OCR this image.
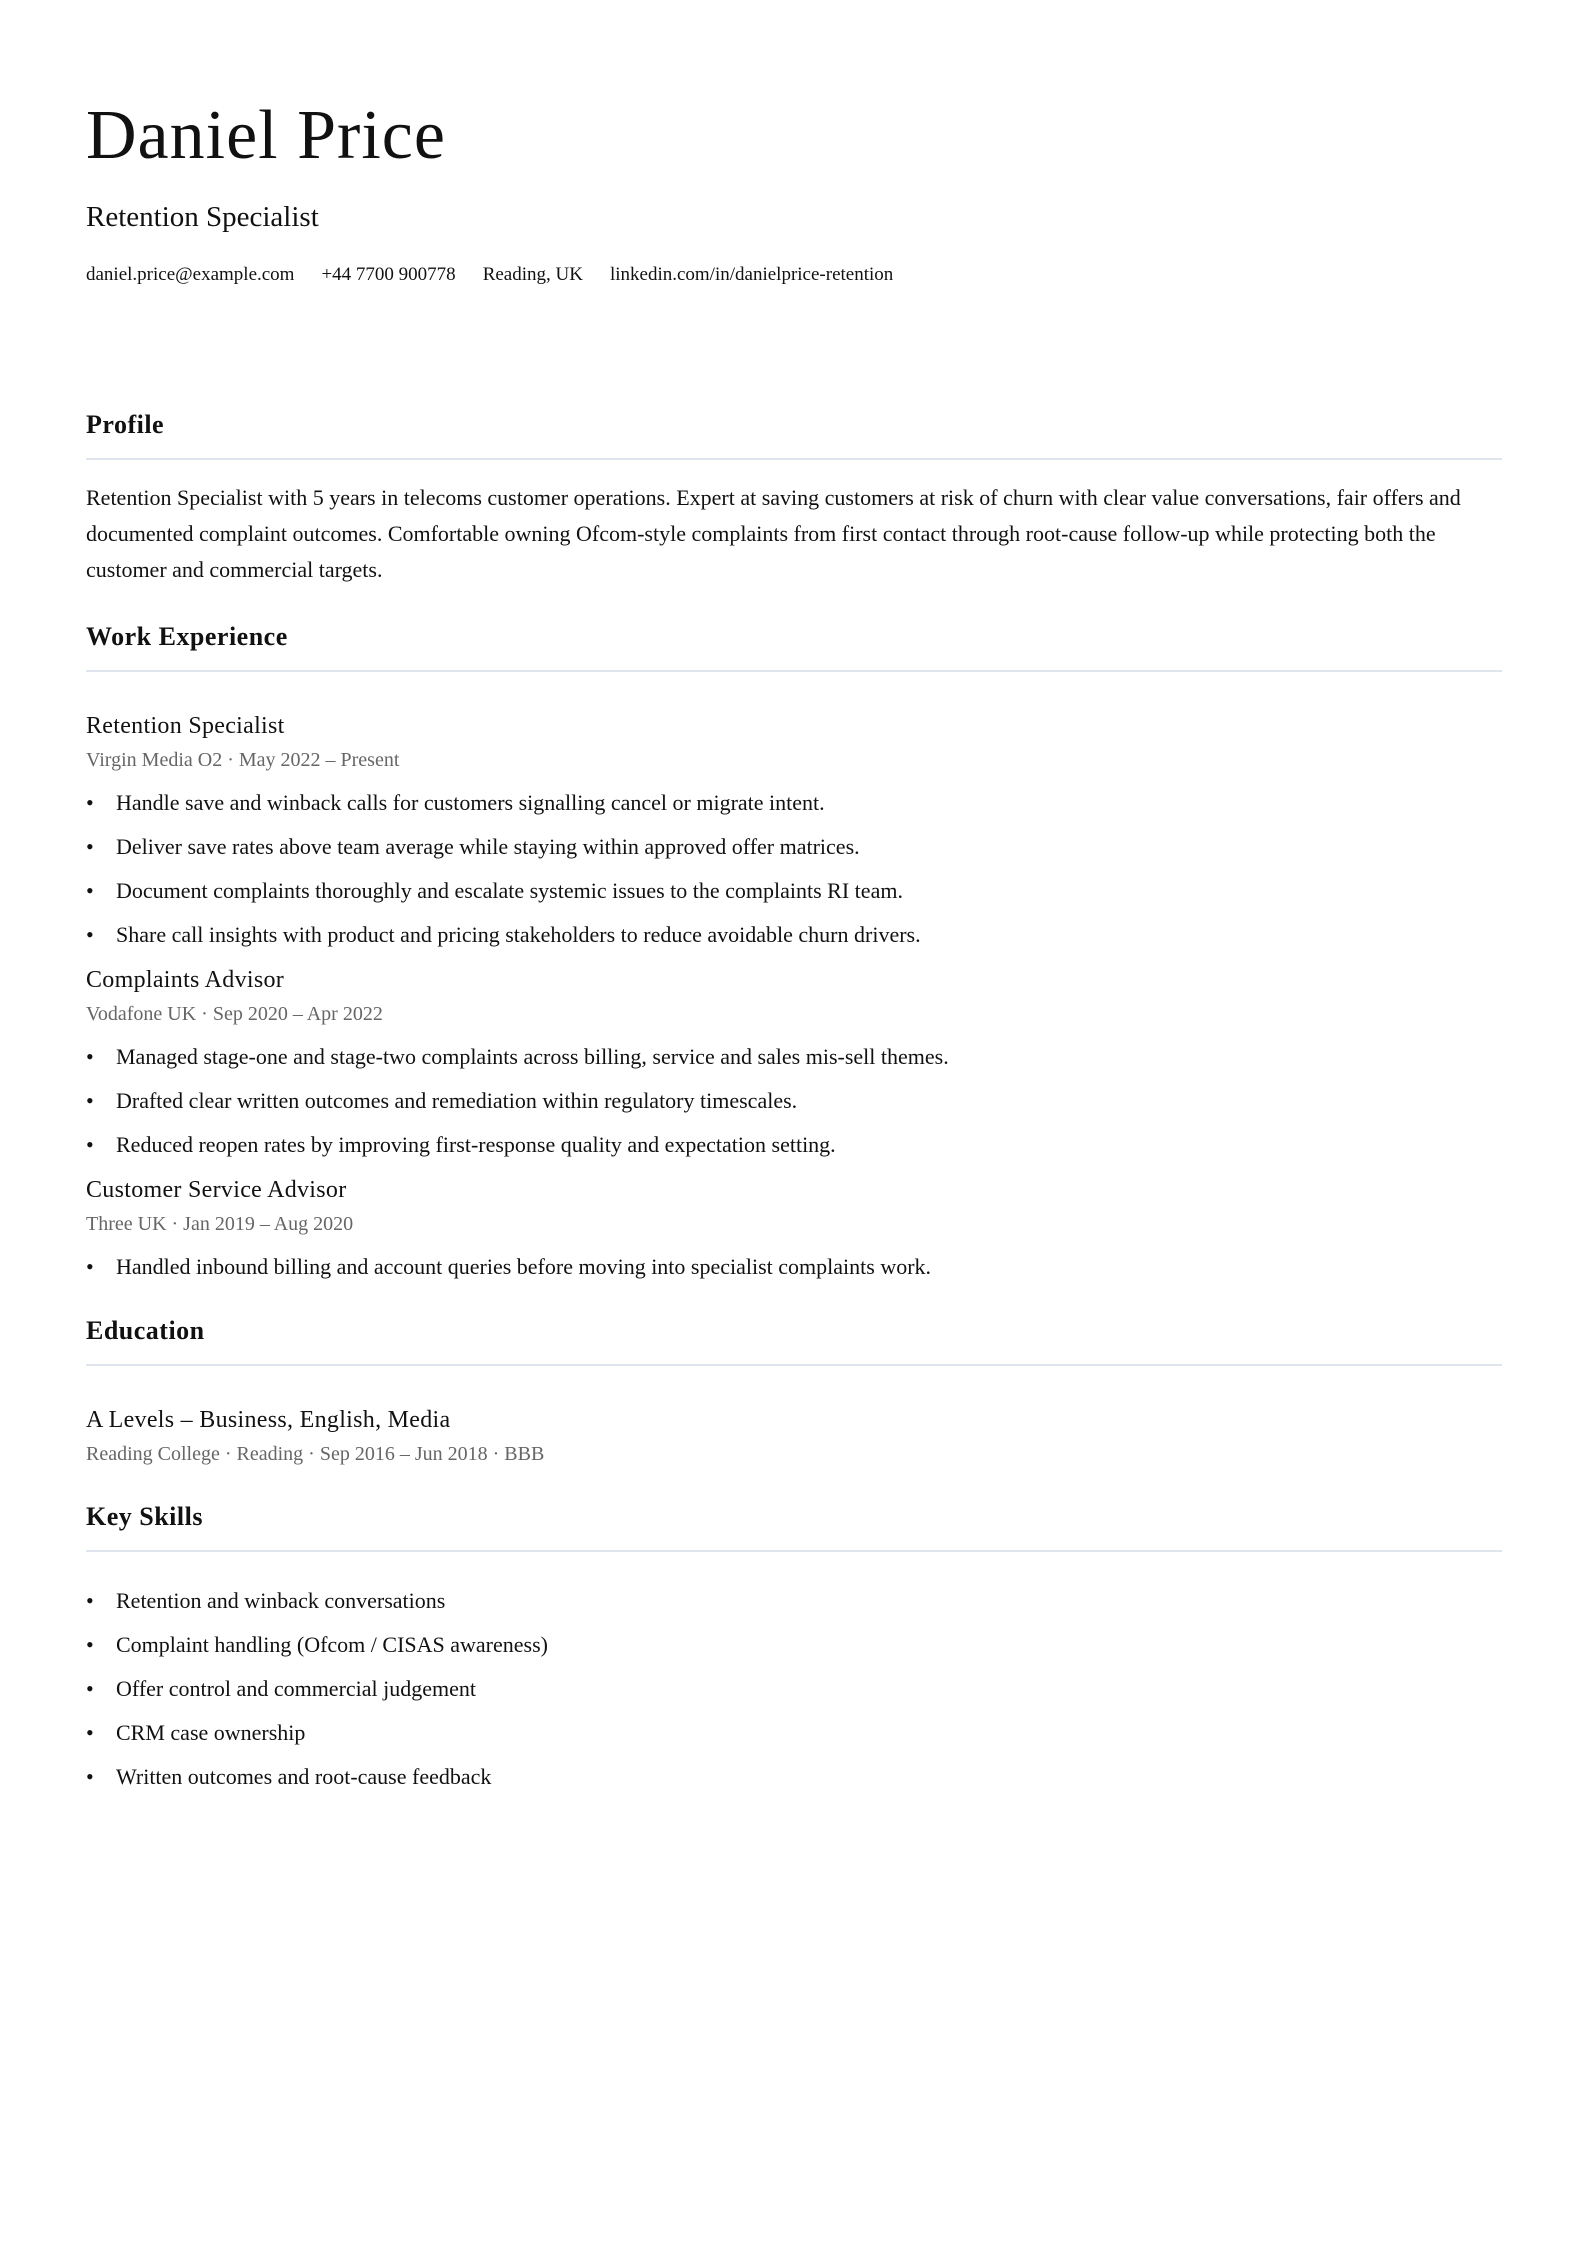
Daniel Price
Retention Specialist
daniel.price@example.com +44 7700 900778 Reading, UK linkedin.com/in/danielprice-retention
Profile

Retention Specialist with 5 years in telecoms customer operations. Expert at saving customers at risk of churn with clear value conversations, fair offers and documented complaint outcomes. Comfortable owning Ofcom-style complaints from first contact through root-cause follow-up while protecting both the customer and commercial targets.

Work Experience
Retention Specialist
Virgin Media O2 · May 2022 – Present
• Handle save and winback calls for customers signalling cancel or migrate intent.
• Deliver save rates above team average while staying within approved offer matrices.
• Document complaints thoroughly and escalate systemic issues to the complaints RI team.
• Share call insights with product and pricing stakeholders to reduce avoidable churn drivers.
Complaints Advisor
Vodafone UK · Sep 2020 – Apr 2022
• Managed stage-one and stage-two complaints across billing, service and sales mis-sell themes.
• Drafted clear written outcomes and remediation within regulatory timescales.
• Reduced reopen rates by improving first-response quality and expectation setting.
Customer Service Advisor
Three UK · Jan 2019 – Aug 2020
• Handled inbound billing and account queries before moving into specialist complaints work.
Education
A Levels – Business, English, Media
Reading College · Reading · Sep 2016 – Jun 2018 · BBB
Key Skills
• Retention and winback conversations
• Complaint handling (Ofcom / CISAS awareness)
• Offer control and commercial judgement
• CRM case ownership
• Written outcomes and root-cause feedback
